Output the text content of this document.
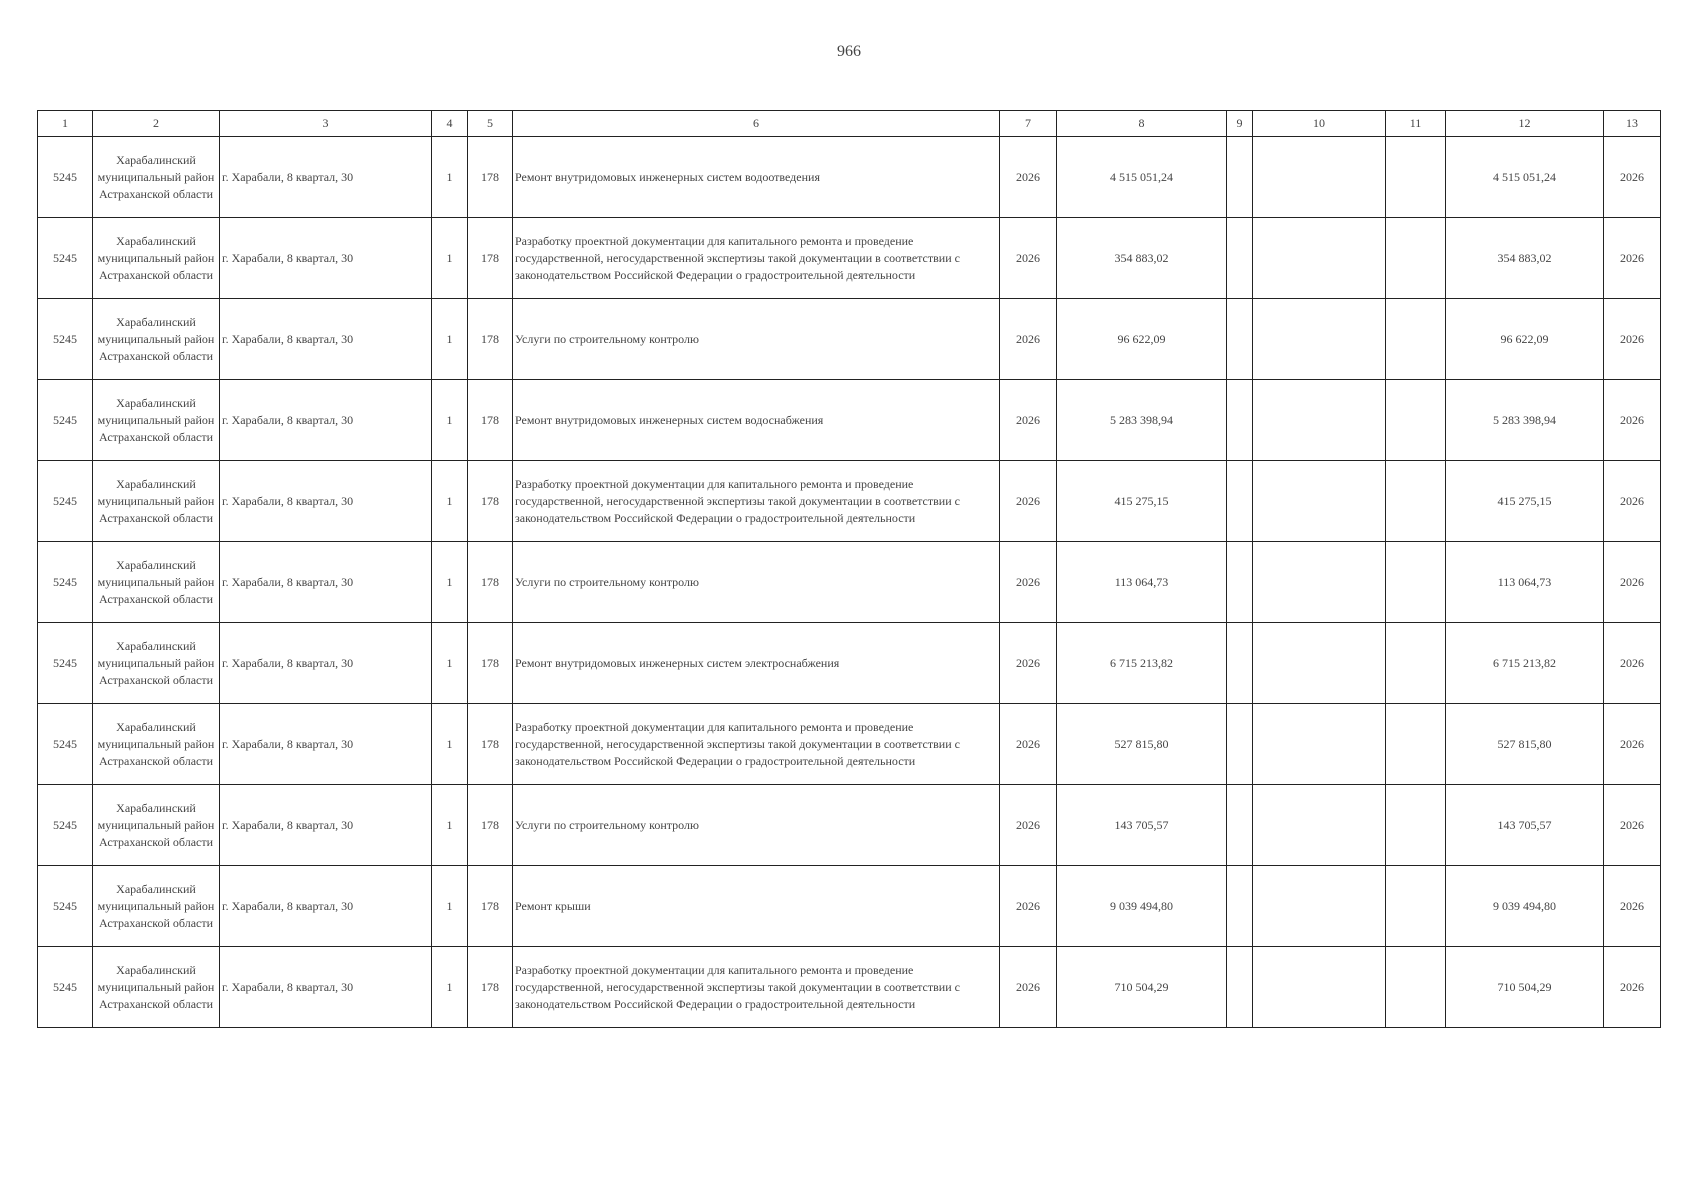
966
1	2	3	4	5	6	7	8	9	10	11	12	13
5245	Харабалинский муниципальный район Астраханской области	г. Харабали, 8 квартал, 30	1	178	Ремонт внутридомовых инженерных систем водоотведения	2026	4 515 051,24				4 515 051,24	2026
5245	Харабалинский муниципальный район Астраханской области	г. Харабали, 8 квартал, 30	1	178	Разработку проектной документации для капитального ремонта и проведение государственной, негосударственной экспертизы такой документации в соответствии с законодательством Российской Федерации о градостроительной деятельности	2026	354 883,02				354 883,02	2026
5245	Харабалинский муниципальный район Астраханской области	г. Харабали, 8 квартал, 30	1	178	Услуги по строительному контролю	2026	96 622,09				96 622,09	2026
5245	Харабалинский муниципальный район Астраханской области	г. Харабали, 8 квартал, 30	1	178	Ремонт внутридомовых инженерных систем водоснабжения	2026	5 283 398,94				5 283 398,94	2026
5245	Харабалинский муниципальный район Астраханской области	г. Харабали, 8 квартал, 30	1	178	Разработку проектной документации для капитального ремонта и проведение государственной, негосударственной экспертизы такой документации в соответствии с законодательством Российской Федерации о градостроительной деятельности	2026	415 275,15				415 275,15	2026
5245	Харабалинский муниципальный район Астраханской области	г. Харабали, 8 квартал, 30	1	178	Услуги по строительному контролю	2026	113 064,73				113 064,73	2026
5245	Харабалинский муниципальный район Астраханской области	г. Харабали, 8 квартал, 30	1	178	Ремонт внутридомовых инженерных систем электроснабжения	2026	6 715 213,82				6 715 213,82	2026
5245	Харабалинский муниципальный район Астраханской области	г. Харабали, 8 квартал, 30	1	178	Разработку проектной документации для капитального ремонта и проведение государственной, негосударственной экспертизы такой документации в соответствии с законодательством Российской Федерации о градостроительной деятельности	2026	527 815,80				527 815,80	2026
5245	Харабалинский муниципальный район Астраханской области	г. Харабали, 8 квартал, 30	1	178	Услуги по строительному контролю	2026	143 705,57				143 705,57	2026
5245	Харабалинский муниципальный район Астраханской области	г. Харабали, 8 квартал, 30	1	178	Ремонт крыши	2026	9 039 494,80				9 039 494,80	2026
5245	Харабалинский муниципальный район Астраханской области	г. Харабали, 8 квартал, 30	1	178	Разработку проектной документации для капитального ремонта и проведение государственной, негосударственной экспертизы такой документации в соответствии с законодательством Российской Федерации о градостроительной деятельности	2026	710 504,29				710 504,29	2026
